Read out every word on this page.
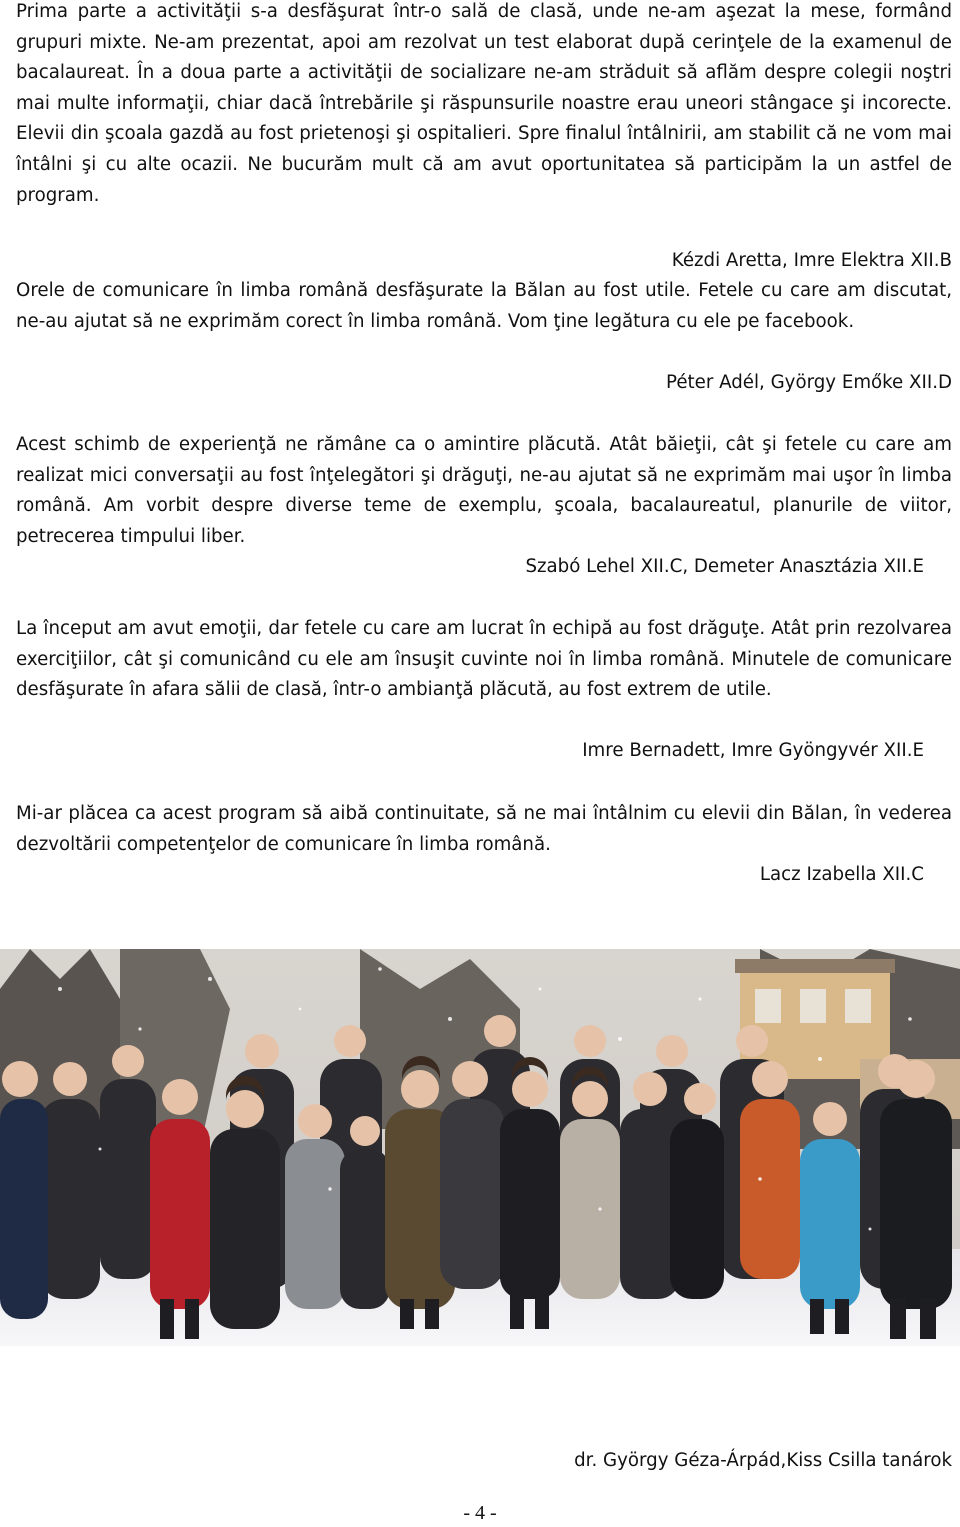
Prima parte a activităţii s-a desfăşurat într-o sală de clasă, unde ne-am aşezat la mese, formând grupuri mixte. Ne-am prezentat, apoi am rezolvat un test elaborat după cerinţele de la examenul de bacalaureat. În a doua parte a activităţii de socializare ne-am străduit să aflăm despre colegii noştri mai multe informaţii, chiar dacă întrebările şi răspunsurile noastre erau uneori stângace şi incorecte. Elevii din şcoala gazdă au fost prietenoşi şi ospitalieri. Spre finalul întâlnirii, am stabilit că ne vom mai întâlni şi cu alte ocazii. Ne bucurăm mult că am avut oportunitatea să participăm la un astfel de program.

Kézdi Aretta, Imre Elektra XII.B

Orele de comunicare în limba română desfăşurate la Bălan au fost utile. Fetele cu care am discutat, ne-au ajutat să ne exprimăm corect în limba română. Vom ţine legătura cu ele pe facebook.

Péter Adél, György Emőke XII.D

Acest schimb de experienţă ne rămâne ca o amintire plăcută. Atât băieţii, cât şi fetele cu care am realizat mici conversaţii au fost înţelegători şi drăguţi, ne-au ajutat să ne exprimăm mai uşor în limba română. Am vorbit despre diverse teme de exemplu, şcoala, bacalaureatul, planurile de viitor, petrecerea timpului liber.

Szabó Lehel XII.C, Demeter Anasztázia XII.E

La început am avut emoţii, dar fetele cu care am lucrat în echipă au fost drăguţe. Atât prin rezolvarea exerciţiilor, cât şi comunicând cu ele am însuşit cuvinte noi în limba română. Minutele de comunicare desfăşurate în afara sălii de clasă, într-o ambianţă plăcută, au fost extrem de utile.

Imre Bernadett, Imre Gyöngyvér XII.E

Mi-ar plăcea ca acest program să aibă continuitate, să ne mai întâlnim cu elevii din Bălan, în vederea dezvoltării competenţelor de comunicare în limba română.

Lacz Izabella XII.C

dr. György Géza-Árpád,Kiss Csilla tanárok
- 4 -
